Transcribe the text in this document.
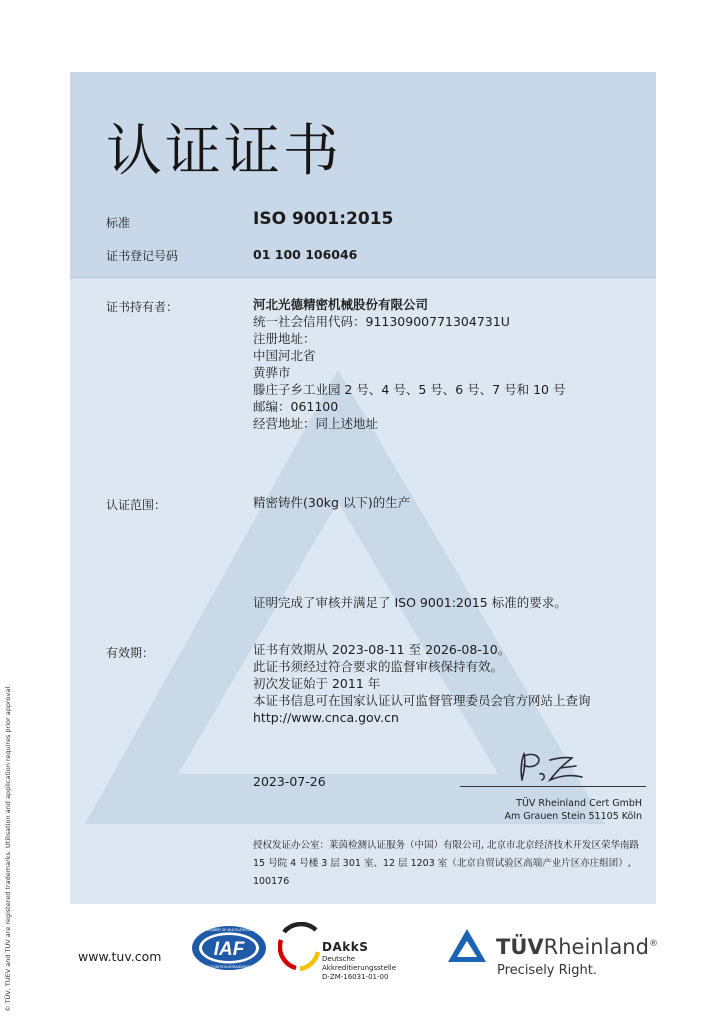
© TÜV, TUEV and TUV are registered trademarks. Utilisation and application requires prior approval.
认证证书
标准	ISO 9001:2015
证书登记号码	01 100 106046
证书持有者：	河北光德精密机械股份有限公司
统一社会信用代码：91130900771304731U
注册地址：
中国河北省
黄骅市
滕庄子乡工业园 2 号、4 号、5 号、6 号、7 号和 10 号
邮编：061100
经营地址：同上述地址
认证范围：	精密铸件(30kg 以下)的生产
证明完成了审核并满足了 ISO 9001:2015 标准的要求。
有效期：	证书有效期从 2023-08-11 至 2026-08-10。
此证书须经过符合要求的监督审核保持有效。
初次发证始于 2011 年
本证书信息可在国家认证认可监督管理委员会官方网站上查询
http://www.cnca.gov.cn
2023-07-26
TÜV Rheinland Cert GmbH
Am Grauen Stein 51105 Köln
授权发证办公室：莱茵检测认证服务（中国）有限公司, 北京市北京经济技术开发区荣华南路 15 号院 4 号楼 3 层 301 室、12 层 1203 室（北京自贸试验区高端产业片区亦庄组团）, 100176
www.tuv.com	IAF
MEMBER OF MULTILATERAL
RECOGNITION ARRANGEMENT
DAkkS
Deutsche
Akkreditierungsstelle
D-ZM-16031-01-00
TÜVRheinland®
Precisely Right.
